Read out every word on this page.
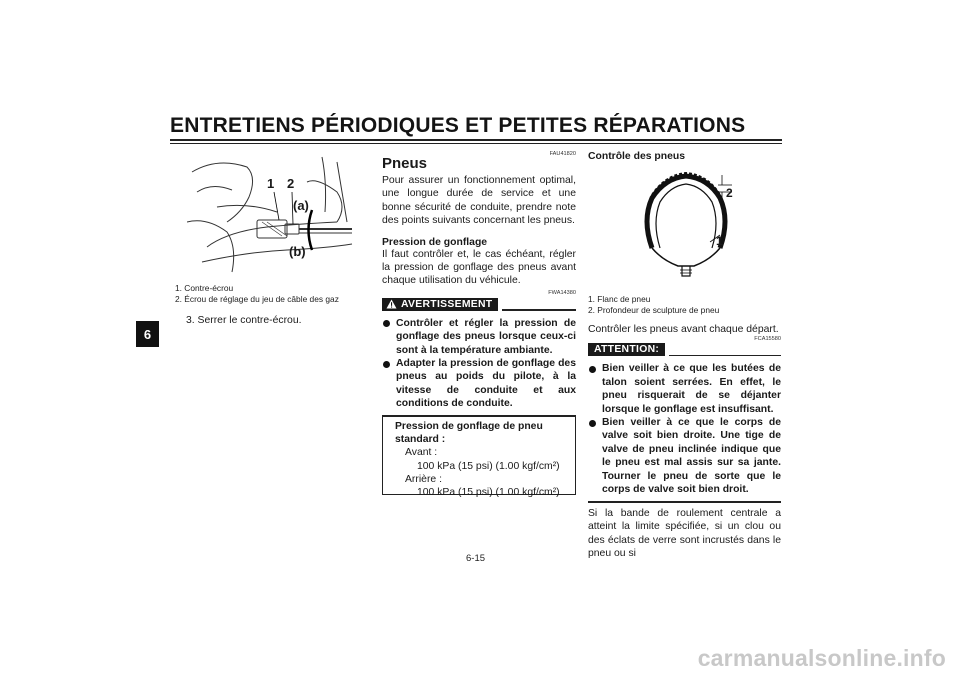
ENTRETIENS PÉRIODIQUES ET PETITES RÉPARATIONS
6
1 2
(a)
(b)
1. Contre-écrou
2. Écrou de réglage du jeu de câble des gaz
3. Serrer le contre-écrou.
FAU41820
Pneus
Pour assurer un fonctionnement optimal, une longue durée de service et une bonne sécurité de conduite, prendre note des points suivants concernant les pneus.
Pression de gonflage
Il faut contrôler et, le cas échéant, régler la pression de gonflage des pneus avant chaque utilisation du véhicule.
FWA14380
AVERTISSEMENT
Contrôler et régler la pression de gonflage des pneus lorsque ceux-ci sont à la température ambiante.
Adapter la pression de gonflage des pneus au poids du pilote, à la vitesse de conduite et aux conditions de conduite.
Pression de gonflage de pneu standard :
Avant :
100 kPa (15 psi) (1.00 kgf/cm²)
Arrière :
100 kPa (15 psi) (1.00 kgf/cm²)
Contrôle des pneus
2
1
1. Flanc de pneu
2. Profondeur de sculpture de pneu
Contrôler les pneus avant chaque départ.
FCA15580
ATTENTION:
Bien veiller à ce que les butées de talon soient serrées. En effet, le pneu risquerait de se déjanter lorsque le gonflage est insuffisant.
Bien veiller à ce que le corps de valve soit bien droite. Une tige de valve de pneu inclinée indique que le pneu est mal assis sur sa jante. Tourner le pneu de sorte que le corps de valve soit bien droit.
Si la bande de roulement centrale a atteint la limite spécifiée, si un clou ou des éclats de verre sont incrustés dans le pneu ou si
6-15
carmanualsonline.info
